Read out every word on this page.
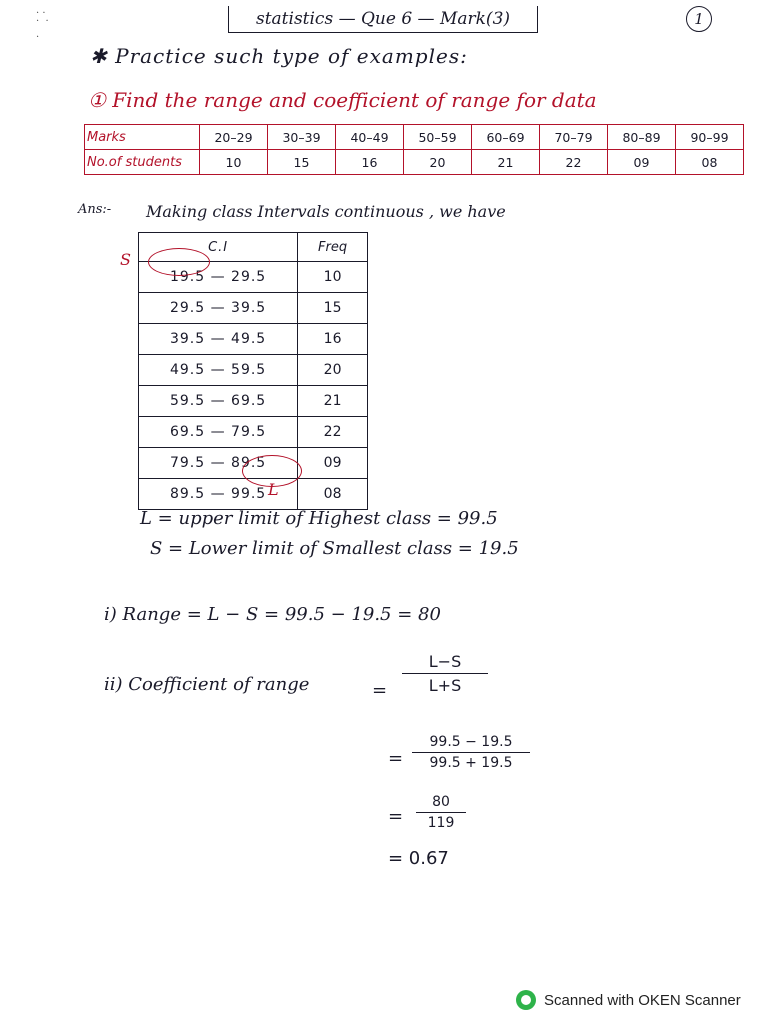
· ·
·  ·

·
statistics — Que 6 — Mark(3)	1
✱ Practice such type of examples:
① Find the range and coefficient of range for data
Marks	20–29	30–39	40–49	50–59	60–69	70–79	80–89	90–99
No.of students	10	15	16	20	21	22	09	08
Ans:- Making class Intervals continuous , we have
C.I	Freq
19.5 — 29.5	10
29.5 — 39.5	15
39.5 — 49.5	16
49.5 — 59.5	20
59.5 — 69.5	21
69.5 — 79.5	22
79.5 — 89.5	09
89.5 — 99.5	08
S
L
L = upper limit of Highest class = 99.5
S = Lower limit of Smallest class = 19.5
i) Range = L − S = 99.5 − 19.5 = 80
ii) Coefficient of range	= $\frac{L-S}{L+S}$
= $\frac{99.5 - 19.5}{99.5 + 19.5}$
= $\frac{80}{119}$
= 0.67
Scanned with OKEN Scanner
